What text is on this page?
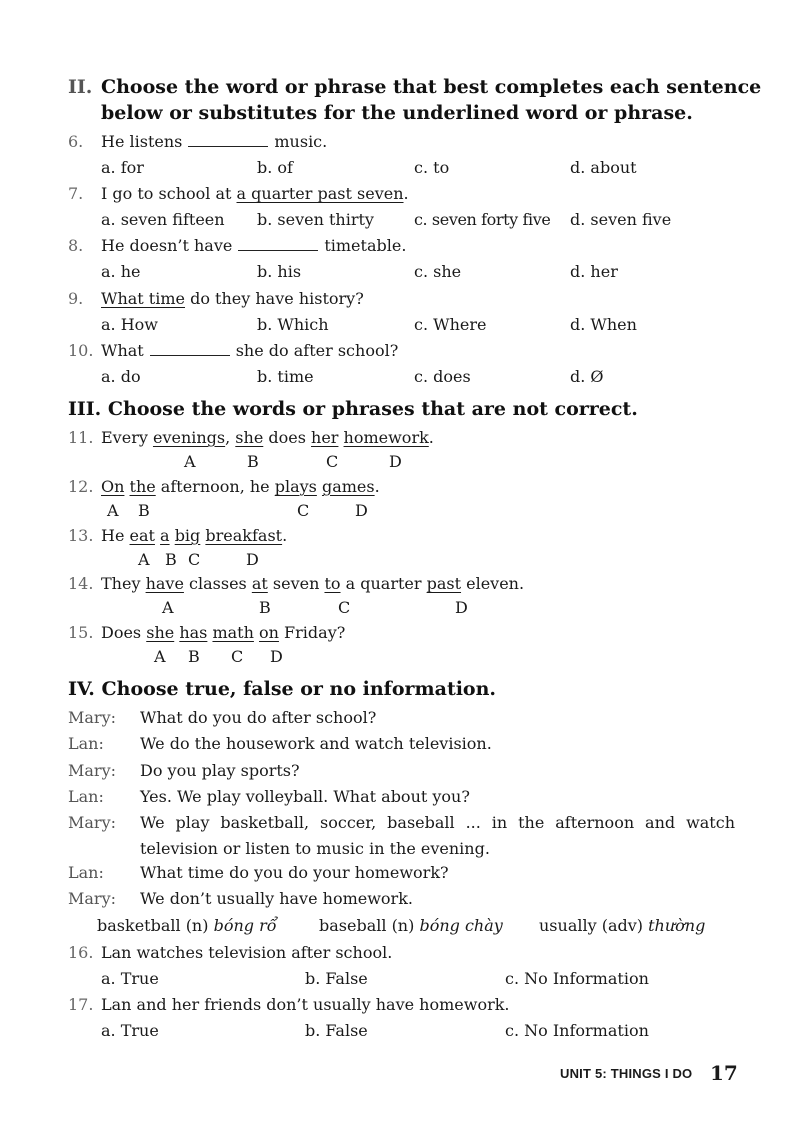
II. Choose the word or phrase that best completes each sentence
below or substitutes for the underlined word or phrase.
6. He listens	music.
a. for	b. of	c. to	d. about
7. I go to school at a quarter past seven.
a. seven fifteen b. seven thirty	c. seven forty five d. seven five
8. He doesn’t have	timetable.
a. he	b. his	c. she	d. her
9. What time do they have history?
a. How	b. Which	c. Where	d. When
10. What	she do after school?
a. do	b. time	c. does	d. Ø
III. Choose the words or phrases that are not correct.
11. Every evenings, she does her homework.
A	B	C	D
12. On the afternoon, he plays games.
A B	C	D
13. He eat a big breakfast.
A B C	D
14. They have classes at seven to a quarter past eleven.
A	B	C	D
15. Does she has math on Friday?
A B C D
IV. Choose true, false or no information.
Mary: What do you do after school?
Lan: We do the housework and watch television.
Mary: Do you play sports?
Lan: Yes. We play volleyball. What about you?
Mary: We play basketball, soccer, baseball ... in the afternoon and watch television or listen to music in the evening.
Lan: What time do you do your homework?
Mary: We don’t usually have homework.
basketball (n) bóng rổ	baseball (n) bóng chày usually (adv) thường
16. Lan watches television after school.
a. True	b. False	c. No Information
17. Lan and her friends don’t usually have homework.
a. True	b. False	c. No Information
UNIT 5: THINGS I DO 17
